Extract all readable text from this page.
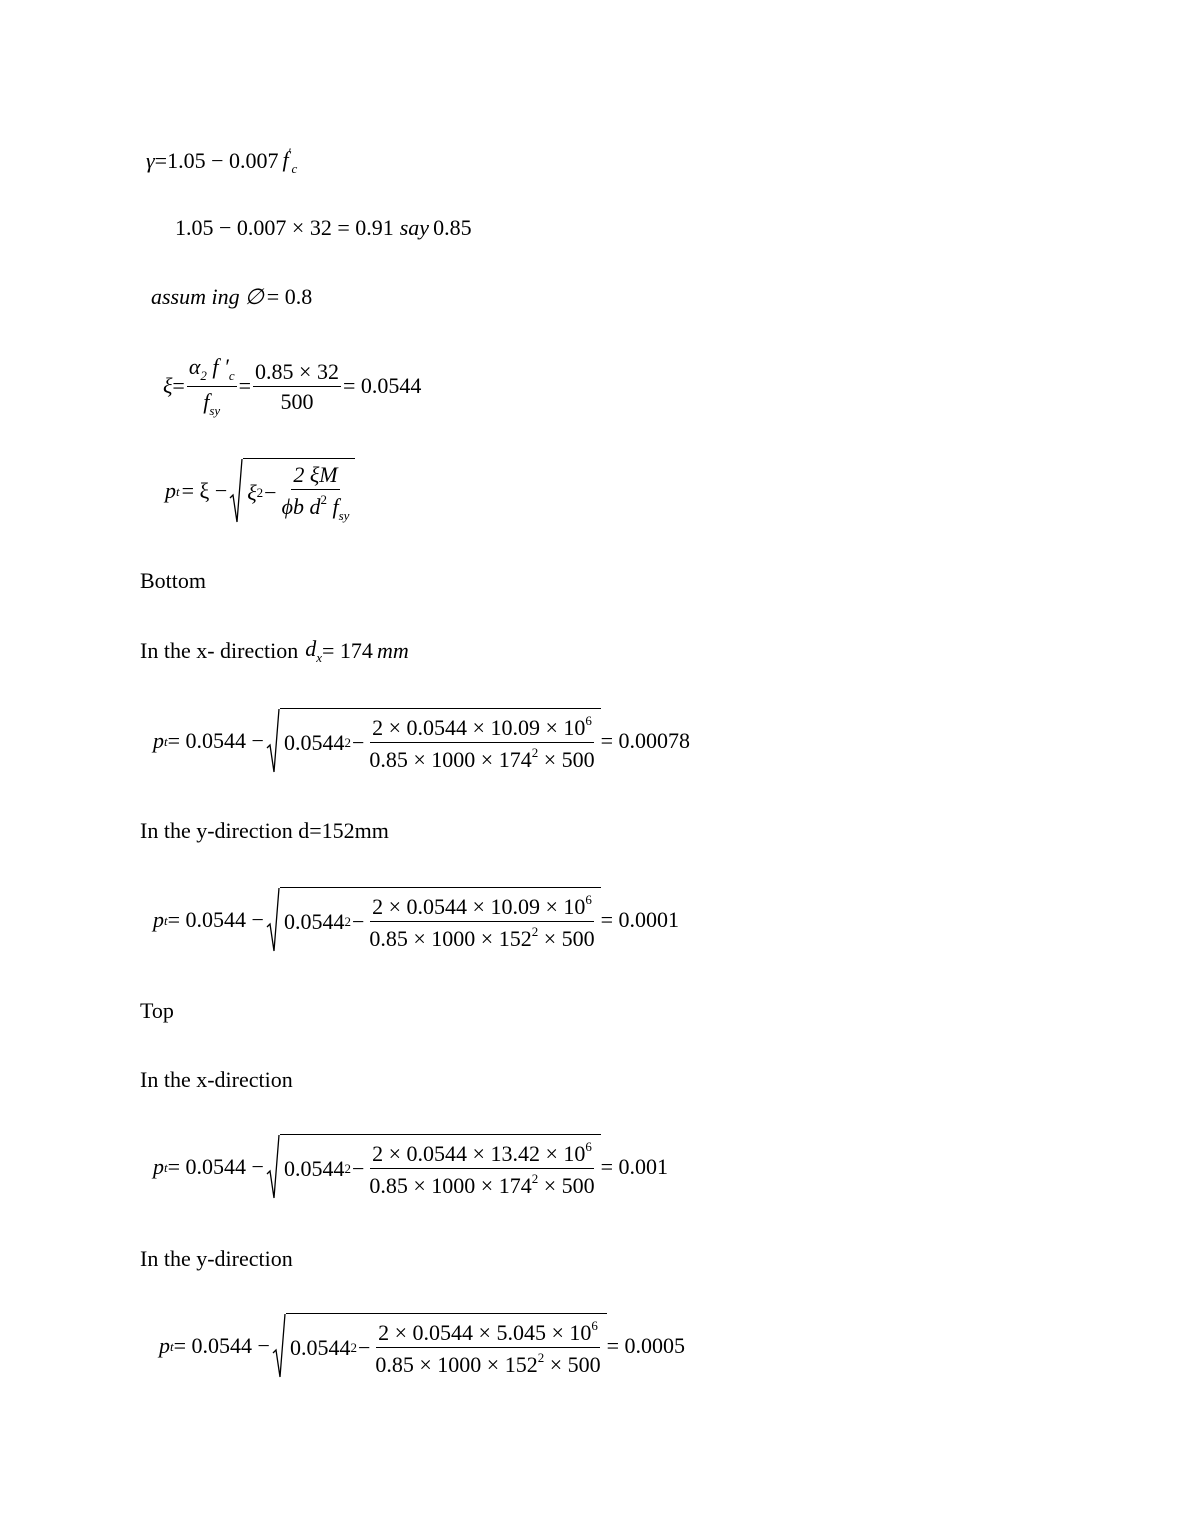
γ = 1.05 − 0.007 $f'_c$
1.05 − 0.007 × 32 = 0.91 say 0.85
assum ing ∅ = 0.8
$\xi = \frac{\alpha_2 f '_c}{f_{sy}} = \frac{0.85 \times 32}{500} = 0.0544$
p t = ξ − ξ $2 - \frac{2 \xi M}{\phi b d^2 f_{sy}}$
Bottom
In the x- direction $d_x = 174$ mm
p t = 0.0544 − 0.0544 $2 - \frac{2 \times 0.0544 \times 10.09 \times 10^6}{0.85 \times 1000 \times 174^2 \times 500} = 0.00078$
In the y-direction d=152mm
p t = 0.0544 − 0.0544 $2 - \frac{2 \times 0.0544 \times 10.09 \times 10^6}{0.85 \times 1000 \times 152^2 \times 500} = 0.0001$
Top
In the x-direction
p t = 0.0544 − 0.0544 $2 - \frac{2 \times 0.0544 \times 13.42 \times 10^6}{0.85 \times 1000 \times 174^2 \times 500} = 0.001$
In the y-direction
p t = 0.0544 − 0.0544 $2 - \frac{2 \times 0.0544 \times 5.045 \times 10^6}{0.85 \times 1000 \times 152^2 \times 500} = 0.0005$
